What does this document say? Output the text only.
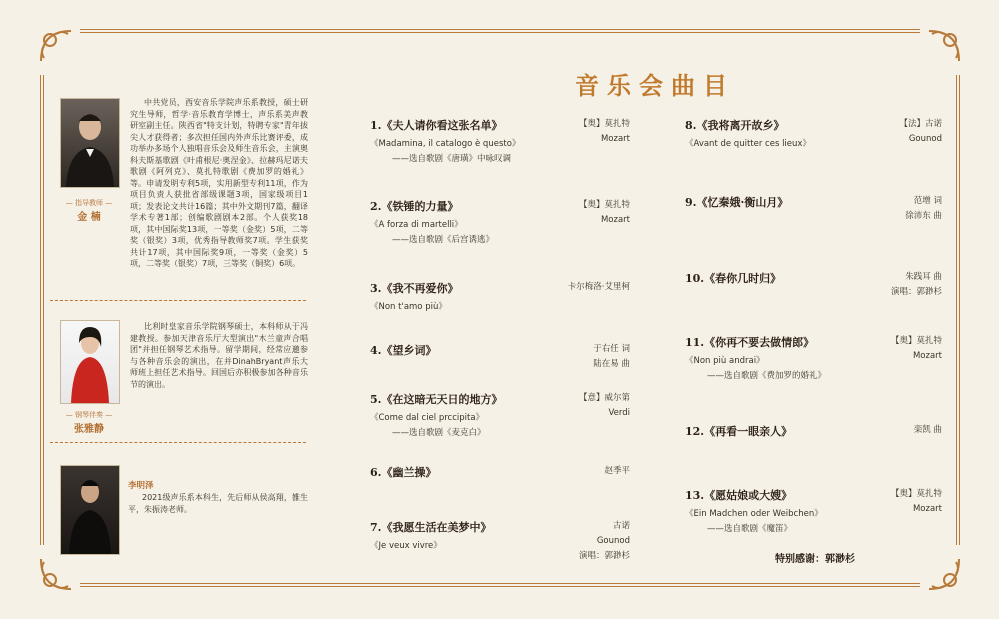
— 指导教师 —
金 楠
中共党员，西安音乐学院声乐系教授，硕士研究生导师，哲学·音乐教育学博士，声乐系美声教研室副主任。陕西省"特支计划，特聘专家"青年拔尖人才获得者；多次担任国内外声乐比赛评委，成功举办多场个人独唱音乐会及师生音乐会，主演奥科夫斯基歌剧《叶甫根尼·奥涅金》、拉赫玛尼诺夫歌剧《阿列克》、莫扎特歌剧《费加罗的婚礼》等。申请发明专利5项，实用新型专利11项，作为项目负责人获批省部级课题3项，国家级项目1项；发表论文共计16篇；其中外文期刊7篇，翻译学术专著1部；创编歌剧剧本2部。个人获奖18项，其中国际奖13项，一等奖（金奖）5项，二等奖（银奖）3项，优秀指导教师奖7项。学生获奖共计17项，其中国际奖9项，一等奖（金奖）5项，二等奖（银奖）7项，三等奖（铜奖）6项。
— 钢琴伴奏 —
张雅静
比利时皇家音乐学院钢琴硕士，本科师从于冯建教授。参加天津音乐厅大型演出"木兰童声合唱团"并担任钢琴艺术指导。留学期间，经常应邀参与各种音乐会的演出，在并DinahBryant声乐大师班上担任艺术指导。回国后亦积极参加各种音乐节的演出。
李明泽
2021级声乐系本科生，先后师从侯高翔，雒生平，朱振涛老师。
音乐会曲目
1.《夫人请你看这张名单》
《Madamina, il catalogo è questo》
——选自歌剧《唐璜》中咏叹调
【奥】莫扎特
Mozart
2.《铁锤的力量》
《A forza di martelli》
——选自歌剧《后宫诱逃》
【奥】莫扎特
Mozart
3.《我不再爱你》
《Non t'amo più》
卡尔梅洛·艾里柯
4.《望乡词》	于右任 词
陆在易 曲
5.《在这暗无天日的地方》
《Come dal ciel prccipita》
——选自歌剧《麦克白》
【意】威尔第
Verdi
6.《幽兰操》	赵季平
7.《我愿生活在美梦中》
《Je veux vivre》
古诺
Gounod
演唱：郭渺杉
8.《我将离开故乡》
《Avant de quitter ces lieux》
【法】古诺
Gounod
9.《忆秦娥·衡山月》	范增 词
徐沛东 曲
10.《春你几时归》	朱践耳 曲
演唱：郭渺杉
11.《你再不要去做情郎》
《Non più andrai》
——选自歌剧《费加罗的婚礼》
【奥】莫扎特
Mozart
12.《再看一眼亲人》	栾凯 曲
13.《愿姑娘或大嫂》
《Ein Madchen oder Weibchen》
——选自歌剧《魔笛》
【奥】莫扎特
Mozart
特别感谢：郭渺杉
